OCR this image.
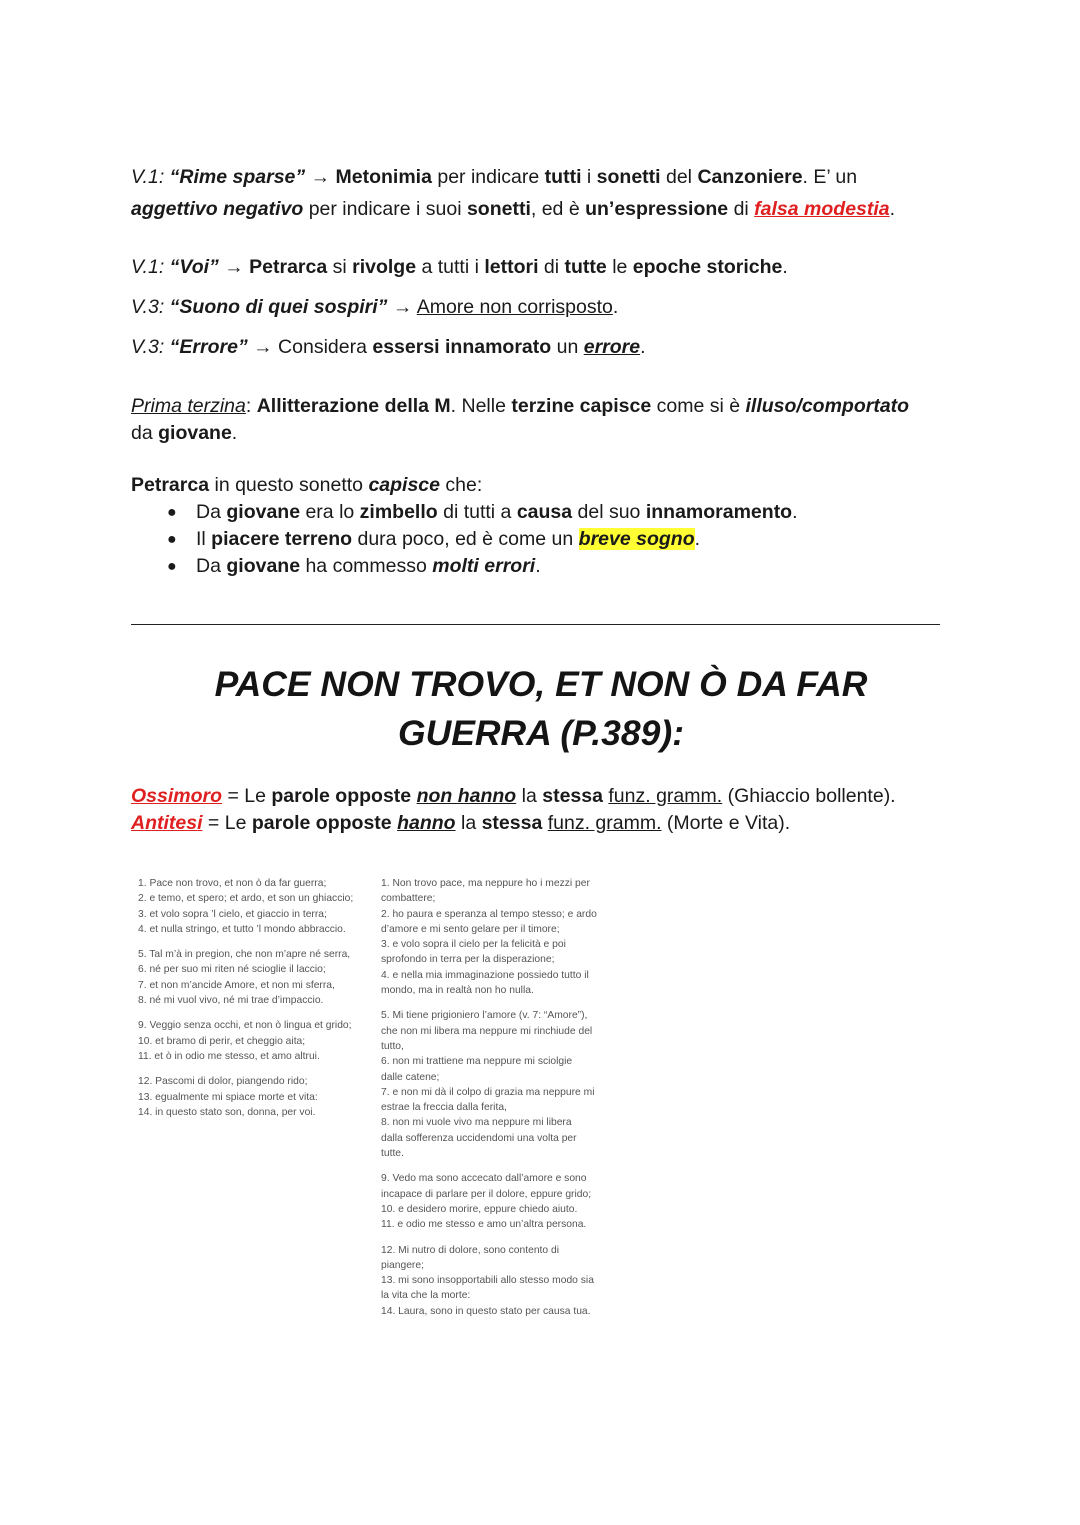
V.1: “Rime sparse” → Metonimia per indicare tutti i sonetti del Canzoniere. E’ un
aggettivo negativo per indicare i suoi sonetti, ed è un’espressione di falsa modestia.
V.1: “Voi” → Petrarca si rivolge a tutti i lettori di tutte le epoche storiche.
V.3: “Suono di quei sospiri” → Amore non corrisposto.
V.3: “Errore” → Considera essersi innamorato un errore.
Prima terzina: Allitterazione della M. Nelle terzine capisce come si è illuso/comportato
da giovane.
Petrarca in questo sonetto capisce che:
● Da giovane era lo zimbello di tutti a causa del suo innamoramento.
● Il piacere terreno dura poco, ed è come un breve sogno.
● Da giovane ha commesso molti errori.
PACE NON TROVO, ET NON Ò DA FAR
GUERRA (P.389):
Ossimoro = Le parole opposte non hanno la stessa funz. gramm. (Ghiaccio bollente).
Antitesi = Le parole opposte hanno la stessa funz. gramm. (Morte e Vita).
1. Pace non trovo, et non ò da far guerra;
2. e temo, et spero; et ardo, et son un ghiaccio;
3. et volo sopra ’l cielo, et giaccio in terra;
4. et nulla stringo, et tutto ’l mondo abbraccio.
5. Tal m’à in pregion, che non m’apre né serra,
6. né per suo mi riten né scioglie il laccio;
7. et non m’ancide Amore, et non mi sferra,
8. né mi vuol vivo, né mi trae d’impaccio.
9. Veggio senza occhi, et non ò lingua et grido;
10. et bramo di perir, et cheggio aita;
11. et ò in odio me stesso, et amo altrui.
12. Pascomi di dolor, piangendo rido;
13. egualmente mi spiace morte et vita:
14. in questo stato son, donna, per voi.
1. Non trovo pace, ma neppure ho i mezzi per
combattere;
2. ho paura e speranza al tempo stesso; e ardo
d’amore e mi sento gelare per il timore;
3. e volo sopra il cielo per la felicità e poi
sprofondo in terra per la disperazione;
4. e nella mia immaginazione possiedo tutto il
mondo, ma in realtà non ho nulla.
5. Mi tiene prigioniero l’amore (v. 7: “Amore”),
che non mi libera ma neppure mi rinchiude del
tutto,
6. non mi trattiene ma neppure mi sciolgie
dalle catene;
7. e non mi dà il colpo di grazia ma neppure mi
estrae la freccia dalla ferita,
8. non mi vuole vivo ma neppure mi libera
dalla sofferenza uccidendomi una volta per
tutte.
9. Vedo ma sono accecato dall’amore e sono
incapace di parlare per il dolore, eppure grido;
10. e desidero morire, eppure chiedo aiuto.
11. e odio me stesso e amo un’altra persona.
12. Mi nutro di dolore, sono contento di
piangere;
13. mi sono insopportabili allo stesso modo sia
la vita che la morte:
14. Laura, sono in questo stato per causa tua.
